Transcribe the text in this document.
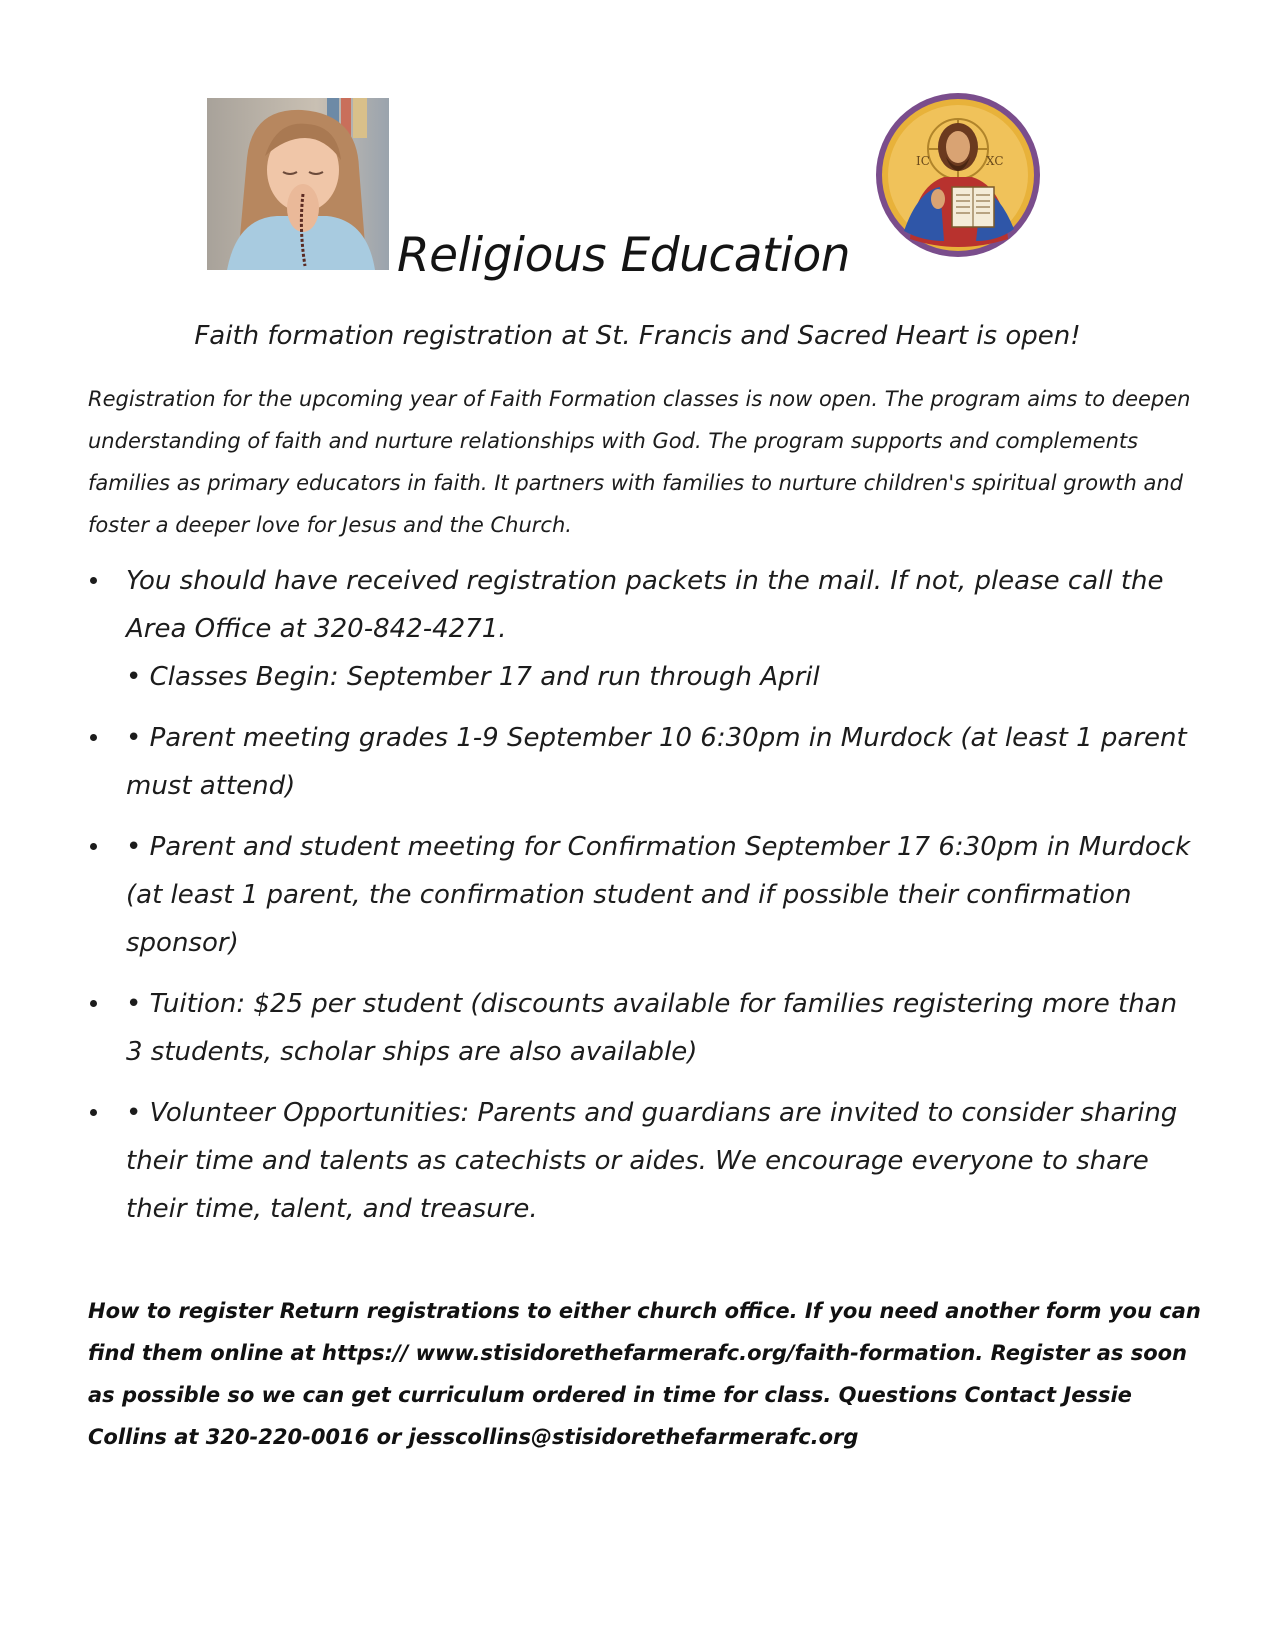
IC	XC
Religious Education
Faith formation registration at St. Francis and Sacred Heart is open!

Registration for the upcoming year of Faith Formation classes is now open. The program aims to deepen understanding of faith and nurture relationships with God. The program supports and complements families as primary educators in faith. It partners with families to nurture children's spiritual growth and foster a deeper love for Jesus and the Church.

You should have received registration packets in the mail. If not, please call the Area Office at 320-842-4271.
• Classes Begin: September 17 and run through April
• Parent meeting grades 1-9 September 10 6:30pm in Murdock (at least 1 parent must attend)
• Parent and student meeting for Confirmation September 17 6:30pm in Murdock (at least 1 parent, the confirmation student and if possible their confirmation sponsor)
• Tuition: $25 per student (discounts available for families registering more than 3 students, scholar ships are also available)
• Volunteer Opportunities: Parents and guardians are invited to consider sharing their time and talents as catechists or aides. We encourage everyone to share their time, talent, and treasure.

How to register Return registrations to either church office. If you need another form you can find them online at https:// www.stisidorethefarmerafc.org/faith-formation. Register as soon as possible so we can get curriculum ordered in time for class. Questions Contact Jessie Collins at 320-220-0016 or jesscollins@stisidorethefarmerafc.org
